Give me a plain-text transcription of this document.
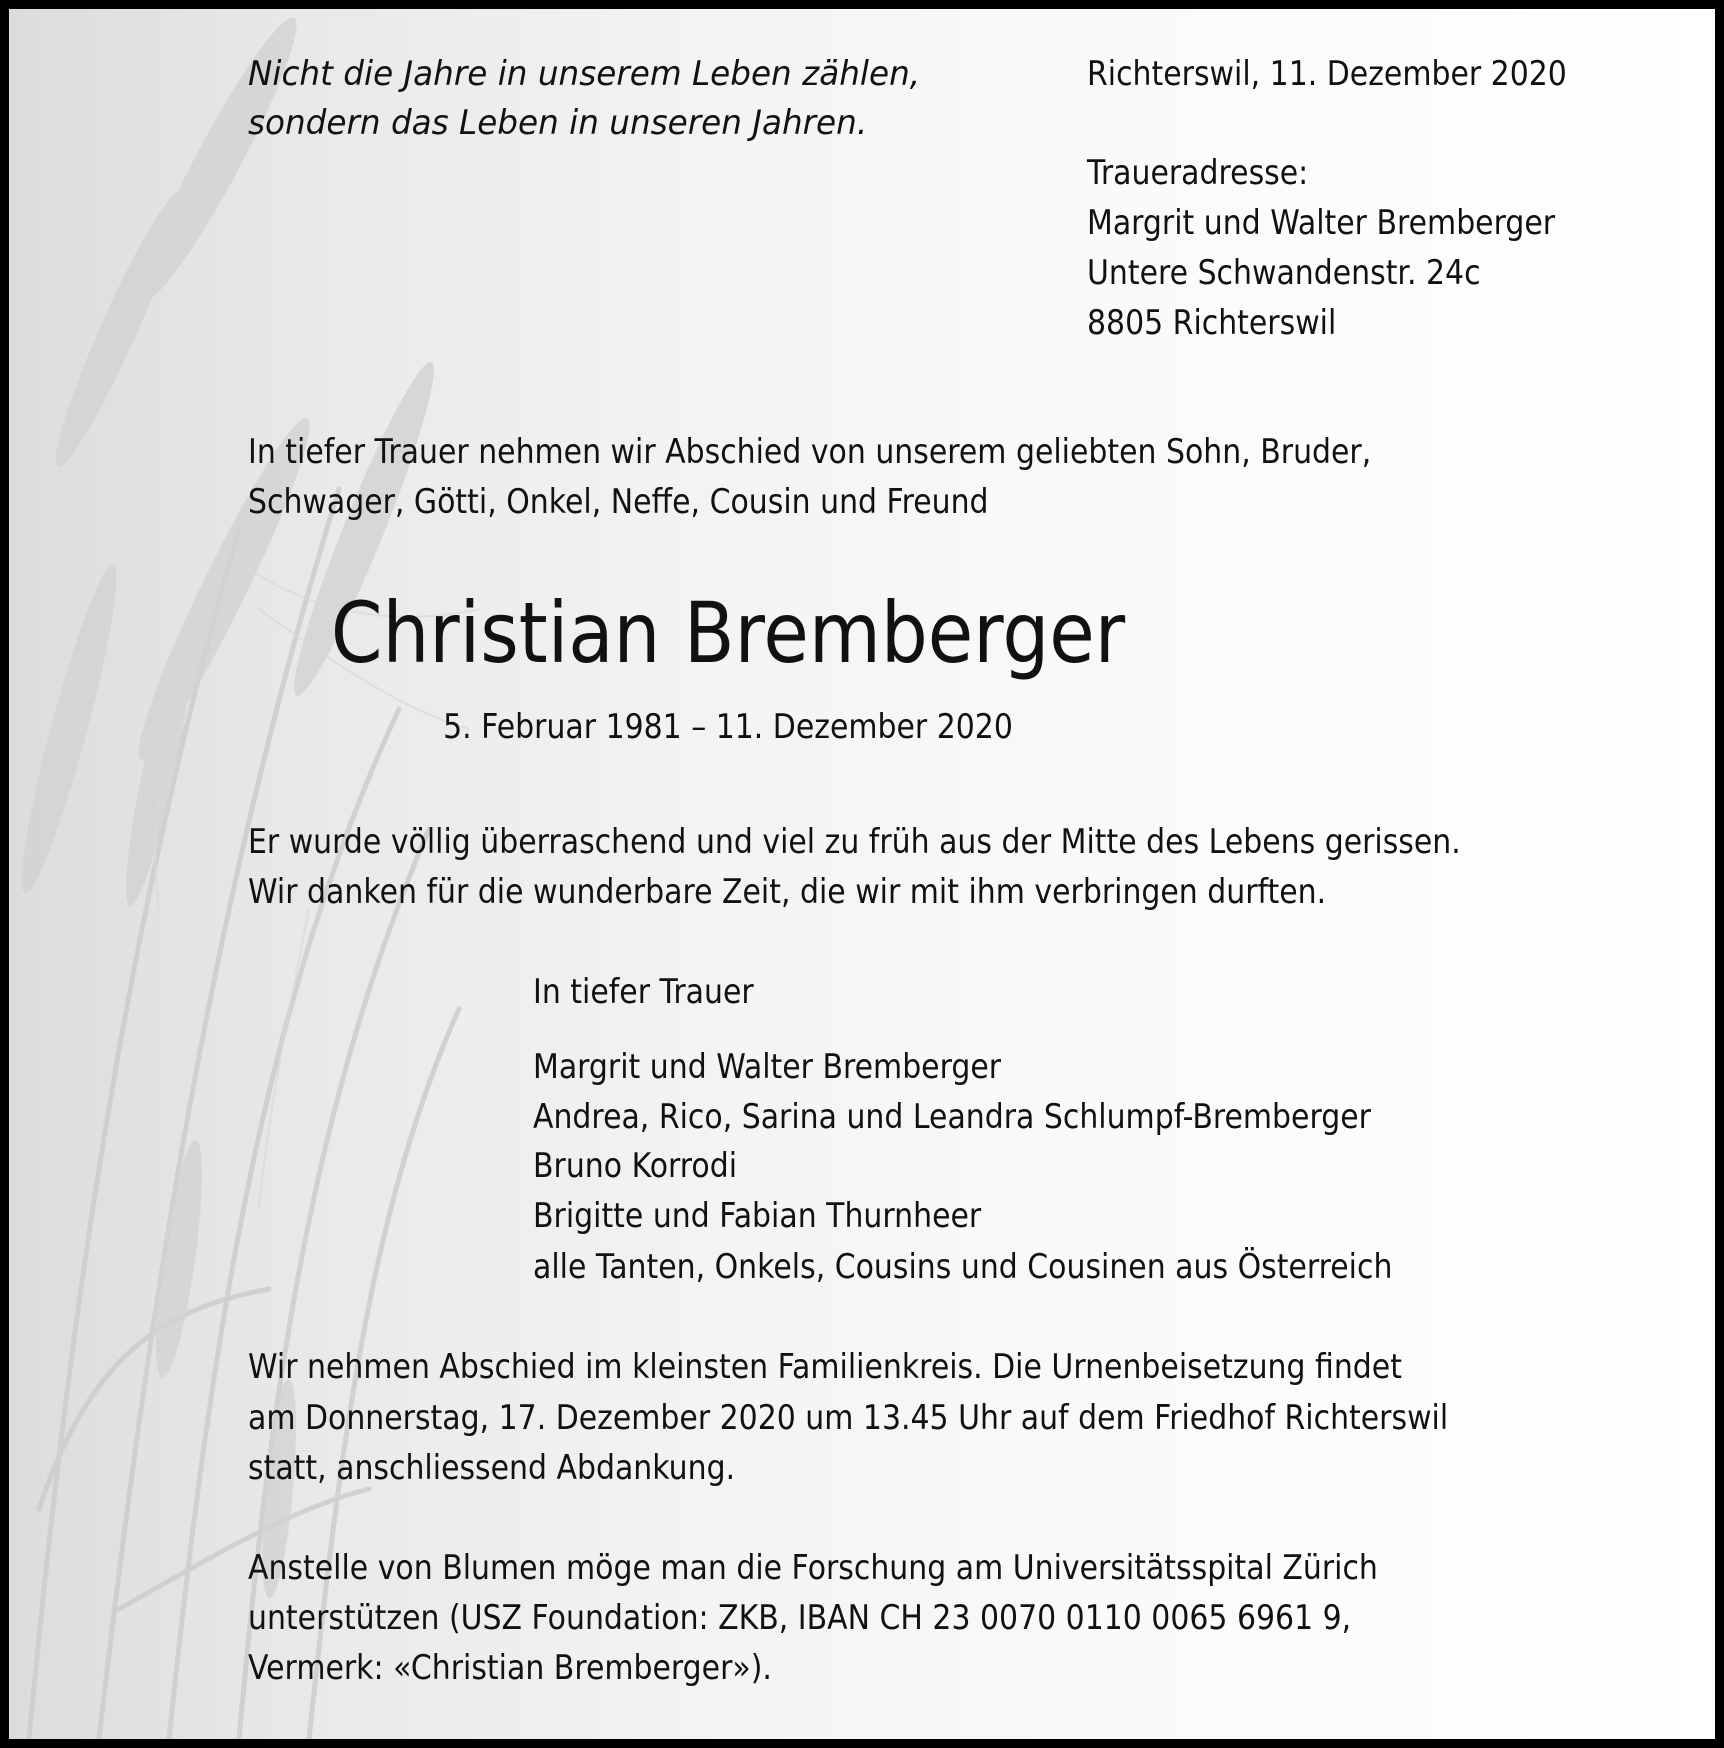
Nicht die Jahre in unserem Leben zählen,
sondern das Leben in unseren Jahren.
Richterswil, 11. Dezember 2020
Traueradresse:
Margrit und Walter Bremberger
Untere Schwandenstr. 24c
8805 Richterswil
In tiefer Trauer nehmen wir Abschied von unserem geliebten Sohn, Bruder,
Schwager, Götti, Onkel, Neffe, Cousin und Freund
Christian Bremberger
5. Februar 1981 – 11. Dezember 2020
Er wurde völlig überraschend und viel zu früh aus der Mitte des Lebens gerissen.
Wir danken für die wunderbare Zeit, die wir mit ihm verbringen durften.
In tiefer Trauer
Margrit und Walter Bremberger
Andrea, Rico, Sarina und Leandra Schlumpf-Bremberger
Bruno Korrodi
Brigitte und Fabian Thurnheer
alle Tanten, Onkels, Cousins und Cousinen aus Österreich
Wir nehmen Abschied im kleinsten Familienkreis. Die Urnenbeisetzung findet
am Donnerstag, 17. Dezember 2020 um 13.45 Uhr auf dem Friedhof Richterswil
statt, anschliessend Abdankung.
Anstelle von Blumen möge man die Forschung am Universitätsspital Zürich
unterstützen (USZ Foundation: ZKB, IBAN CH 23 0070 0110 0065 6961 9,
Vermerk: «Christian Bremberger»).
